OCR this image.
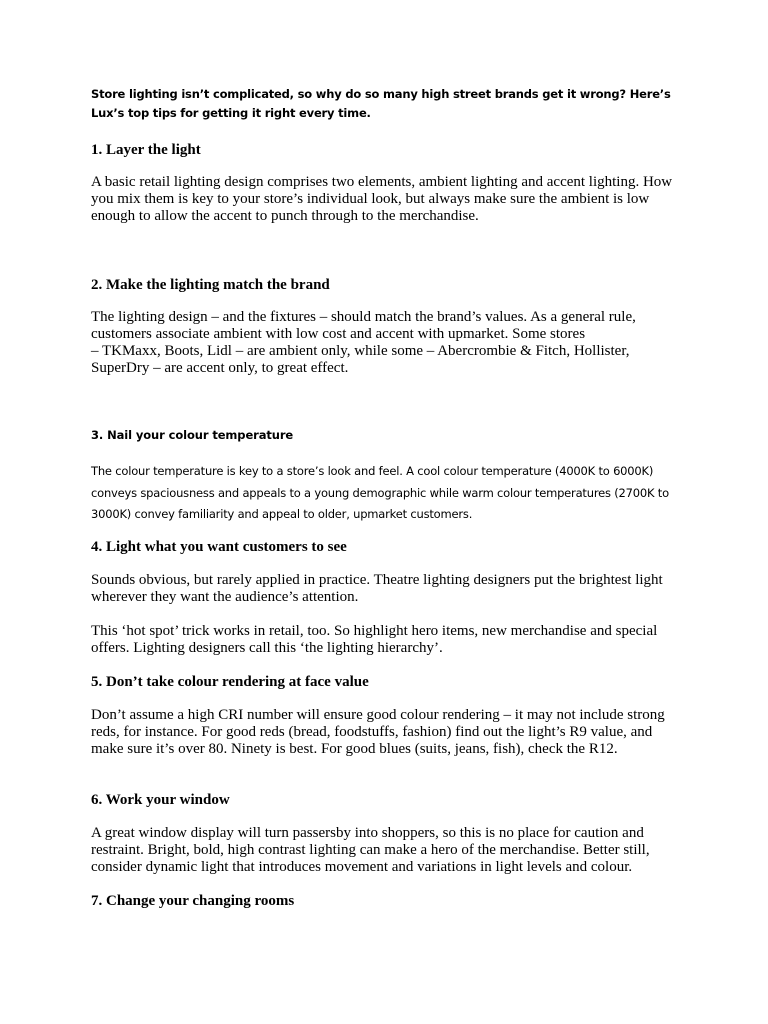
Store lighting isn’t complicated, so why do so many high street brands get it wrong? Here’s Lux’s top tips for getting it right every time.

1. Layer the light

A basic retail lighting design comprises two elements, ambient lighting and accent lighting. How you mix them is key to your store’s individual look, but always make sure the ambient is low enough to allow the accent to punch through to the merchandise.

2. Make the lighting match the brand

The lighting design – and the fixtures – should match the brand’s values. As a general rule, customers associate ambient with low cost and accent with upmarket. Some stores

– TKMaxx, Boots, Lidl – are ambient only, while some – Abercrombie & Fitch, Hollister, SuperDry – are accent only, to great effect.

3. Nail your colour temperature

The colour temperature is key to a store’s look and feel. A cool colour temperature (4000K to 6000K) conveys spaciousness and appeals to a young demographic while warm colour temperatures (2700K to 3000K) convey familiarity and appeal to older, upmarket customers.

4. Light what you want customers to see

Sounds obvious, but rarely applied in practice. Theatre lighting designers put the brightest light wherever they want the audience’s attention.

This ‘hot spot’ trick works in retail, too. So highlight hero items, new merchandise and special offers. Lighting designers call this ‘the lighting hierarchy’.

5. Don’t take colour rendering at face value

Don’t assume a high CRI number will ensure good colour rendering – it may not include strong reds, for instance. For good reds (bread, foodstuffs, fashion) find out the light’s R9 value, and make sure it’s over 80. Ninety is best. For good blues (suits, jeans, fish), check the R12.

6. Work your window

A great window display will turn passersby into shoppers, so this is no place for caution and restraint. Bright, bold, high contrast lighting can make a hero of the merchandise. Better still, consider dynamic light that introduces movement and variations in light levels and colour.

7. Change your changing rooms
